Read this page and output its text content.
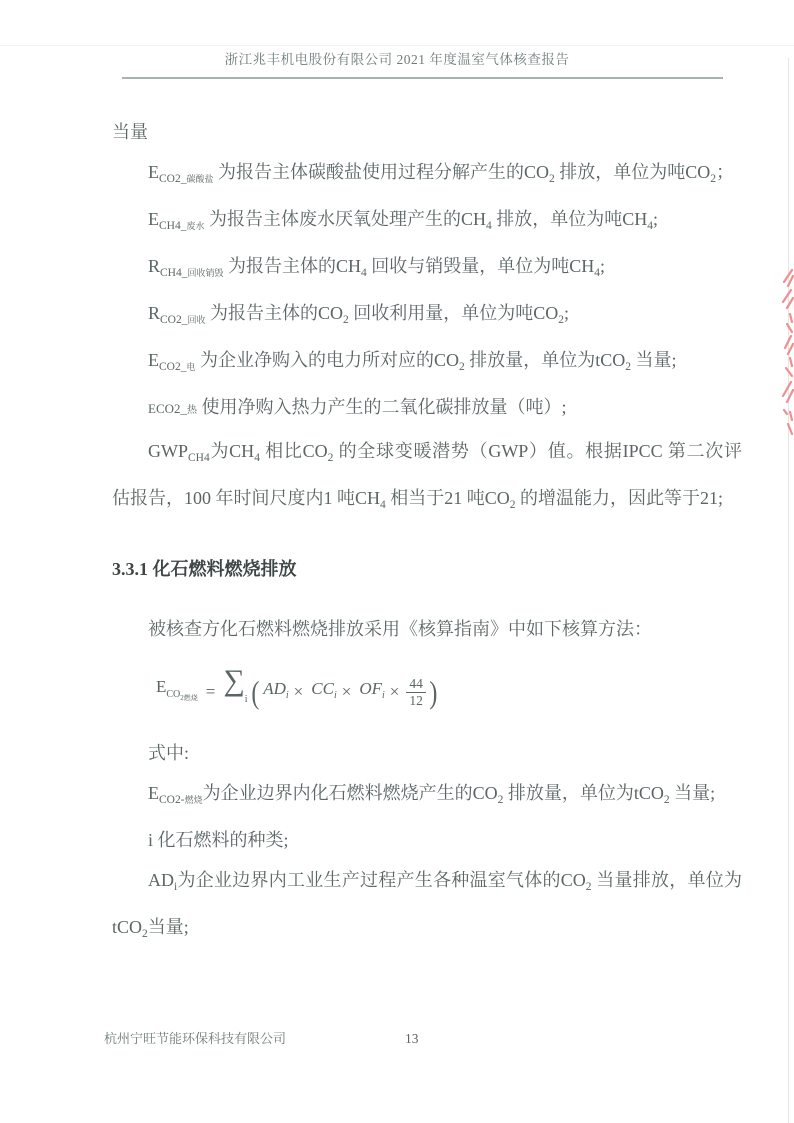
浙江兆丰机电股份有限公司 2021 年度温室气体核查报告
当量
$E_{CO2\_碳酸盐}$ 为报告主体碳酸盐使用过程分解产生的$CO_2$ 排放，单位为吨$CO_2$；
$E_{CH4\_废水}$ 为报告主体废水厌氧处理产生的$CH_4$ 排放，单位为吨$CH_4$;
$R_{CH4\_回收销毁}$ 为报告主体的$CH_4$ 回收与销毁量，单位为吨$CH_4$;
$R_{CO2\_回收}$ 为报告主体的$CO_2$ 回收利用量，单位为吨$CO_2$;
$E_{CO2\_电}$ 为企业净购入的电力所对应的$CO_2$ 排放量，单位为tCO$_2$ 当量;
ECO2_热 使用净购入热力产生的二氧化碳排放量（吨）;
$GWP_{CH4}$为$CH_4$ 相比$CO_2$ 的全球变暖潜势（GWP）值。根据IPCC 第二次评估报告，100 年时间尺度内1 吨$CH_4$ 相当于21 吨$CO_2$ 的增温能力，因此等于21;
3.3.1 化石燃料燃烧排放
被核查方化石燃料燃烧排放采用《核算指南》中如下核算方法：
$E_{CO2燃烧} = \sum_i$ ( $AD_i \times CC_i \times OF_i \times \frac{44}{12}$ )
式中:
$E_{CO2-燃烧}$为企业边界内化石燃料燃烧产生的$CO_2$ 排放量，单位为tCO$_2$ 当量;
i 化石燃料的种类;
$AD_i$为企业边界内工业生产过程产生各种温室气体的$CO_2$ 当量排放，单位为tCO$_2$当量;
杭州宁旺节能环保科技有限公司	13
